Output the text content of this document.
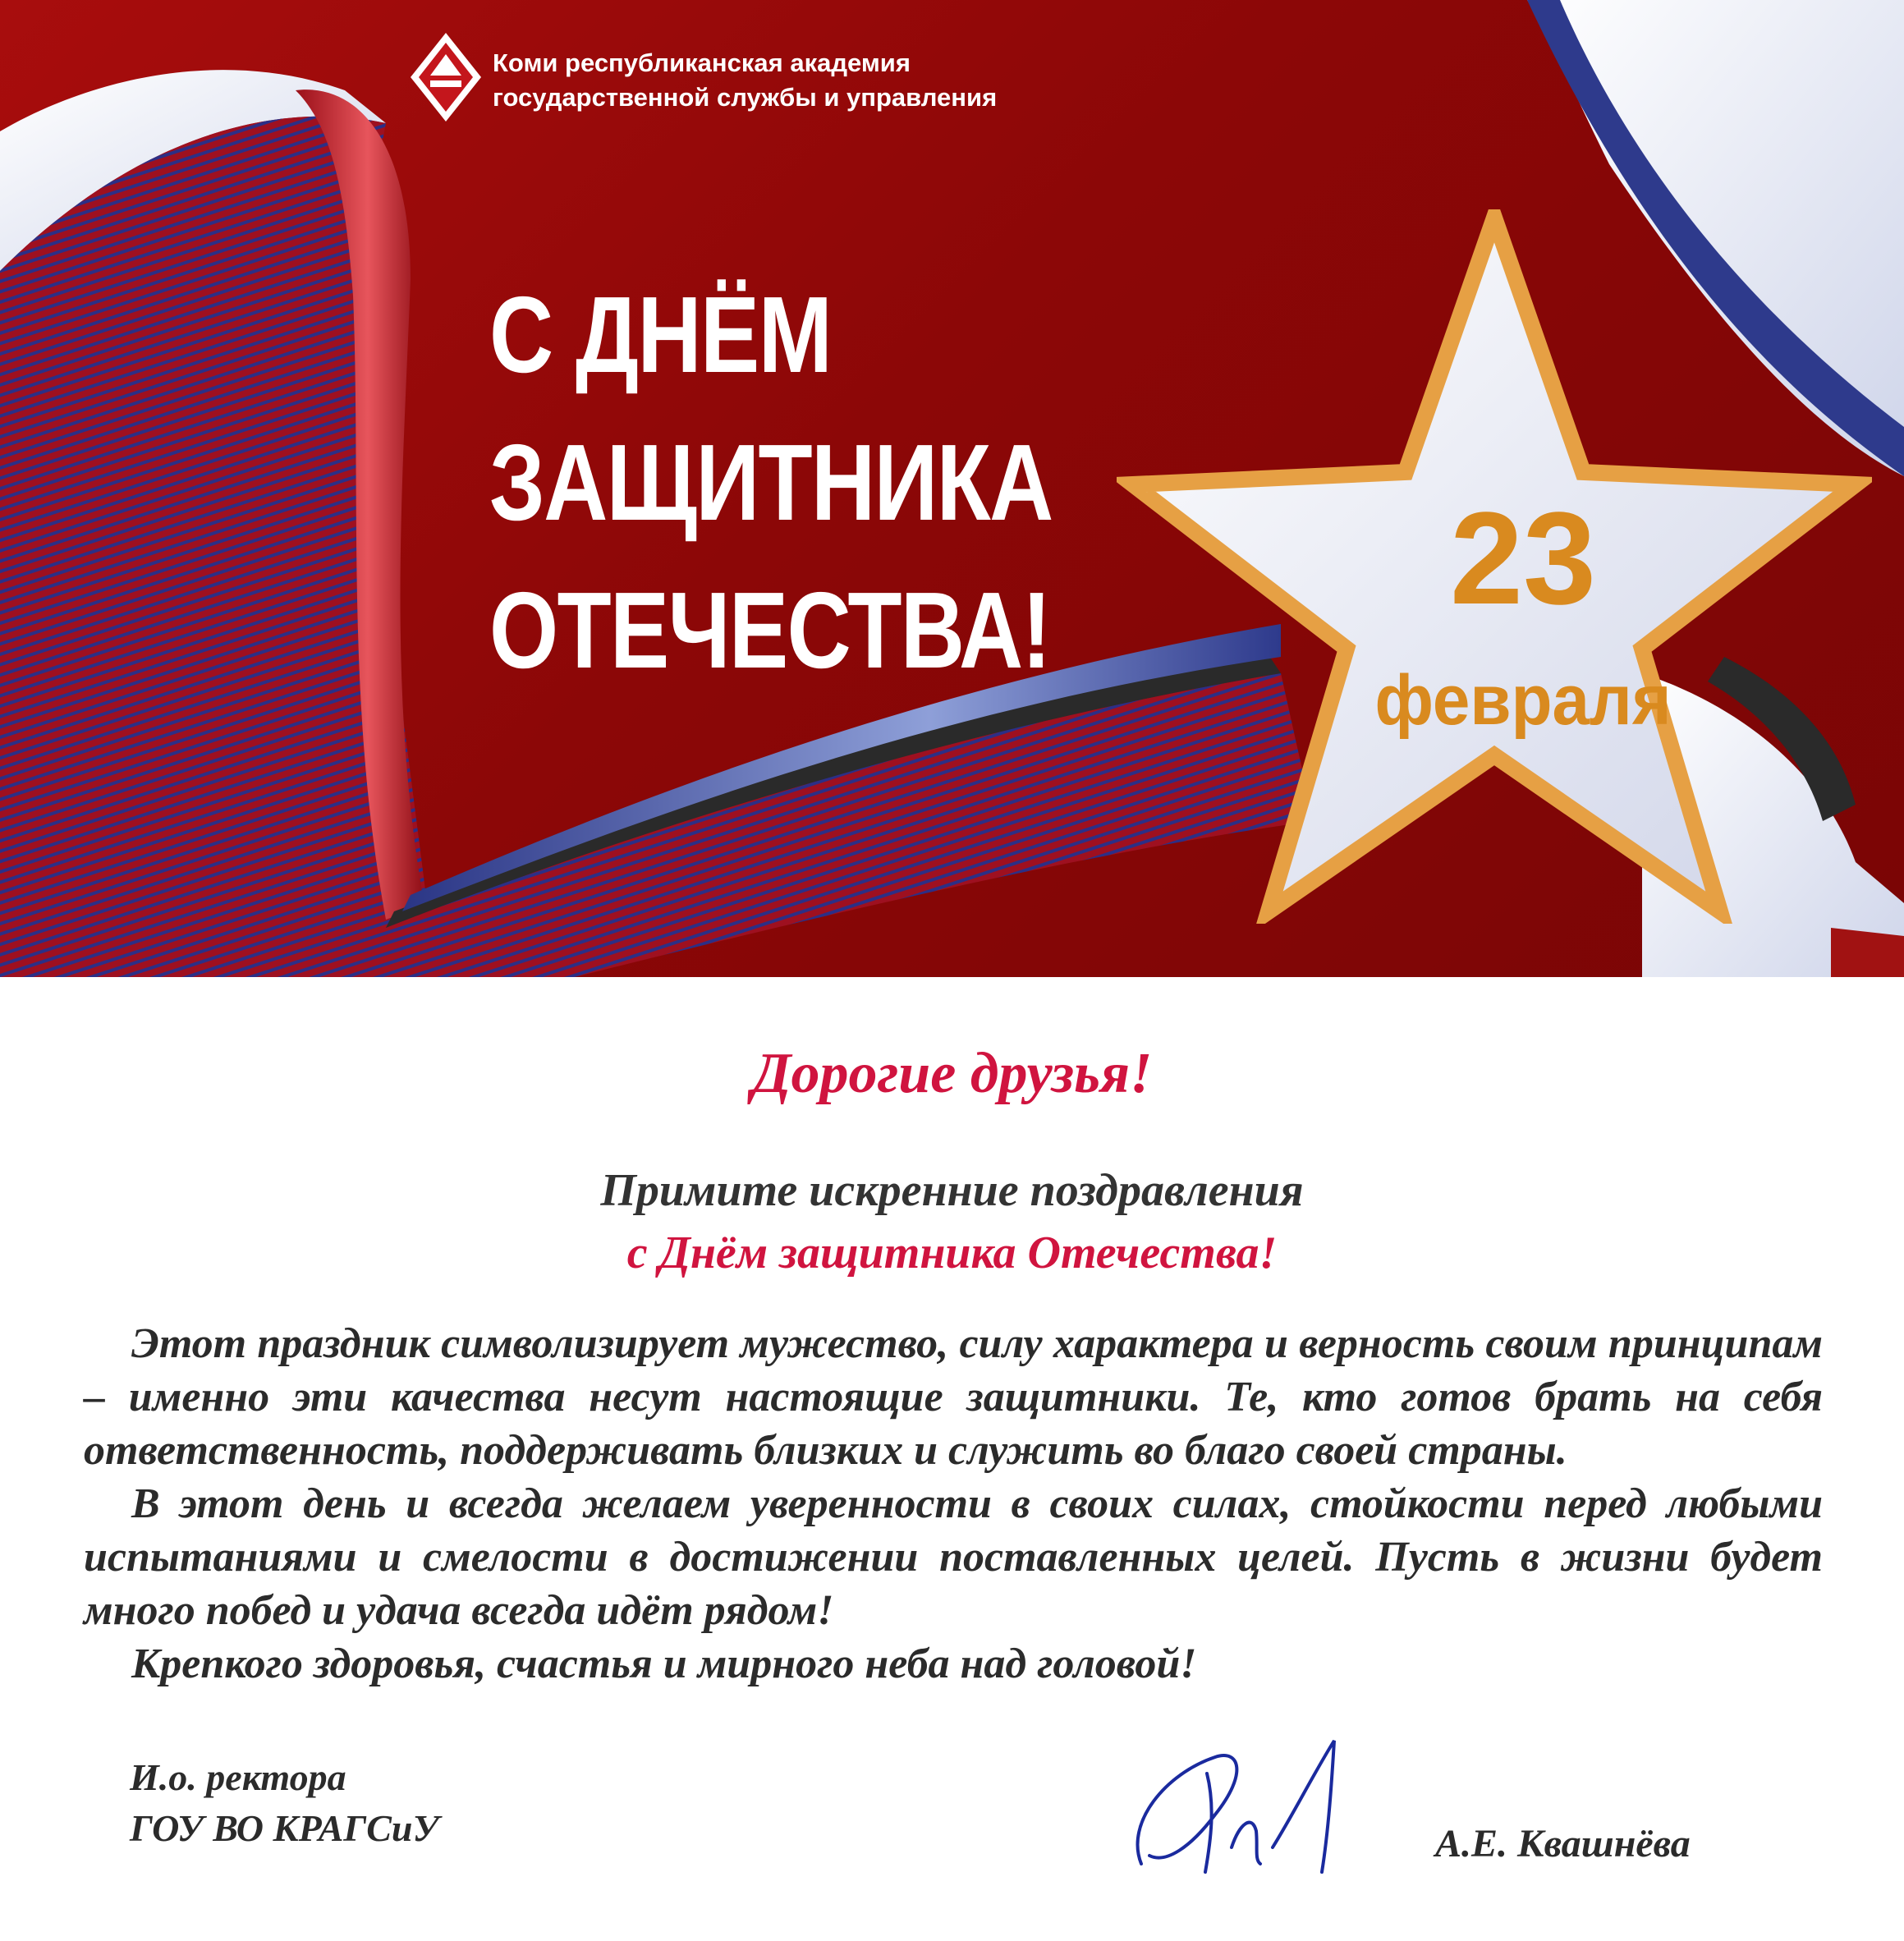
Коми республиканская академия
государственной службы и управления
С ДНЁМ
ЗАЩИТНИКА
ОТЕЧЕСТВА!	23
февраля
Дорогие друзья!
Примите искренние поздравления
с Днём защитника Отечества!

Этот праздник символизирует мужество, силу характера и верность своим принципам – именно эти качества несут настоящие защитники. Те, кто готов брать на себя ответственность, поддерживать близких и служить во благо своей страны.

В этот день и всегда желаем уверенности в своих силах, стойкости перед любыми испытаниями и смелости в достижении поставленных целей. Пусть в жизни будет много побед и удача всегда идёт рядом!

Крепкого здоровья, счастья и мирного неба над головой!

И.о. ректора
ГОУ ВО КРАГСиУ	А.Е. Квашнёва
